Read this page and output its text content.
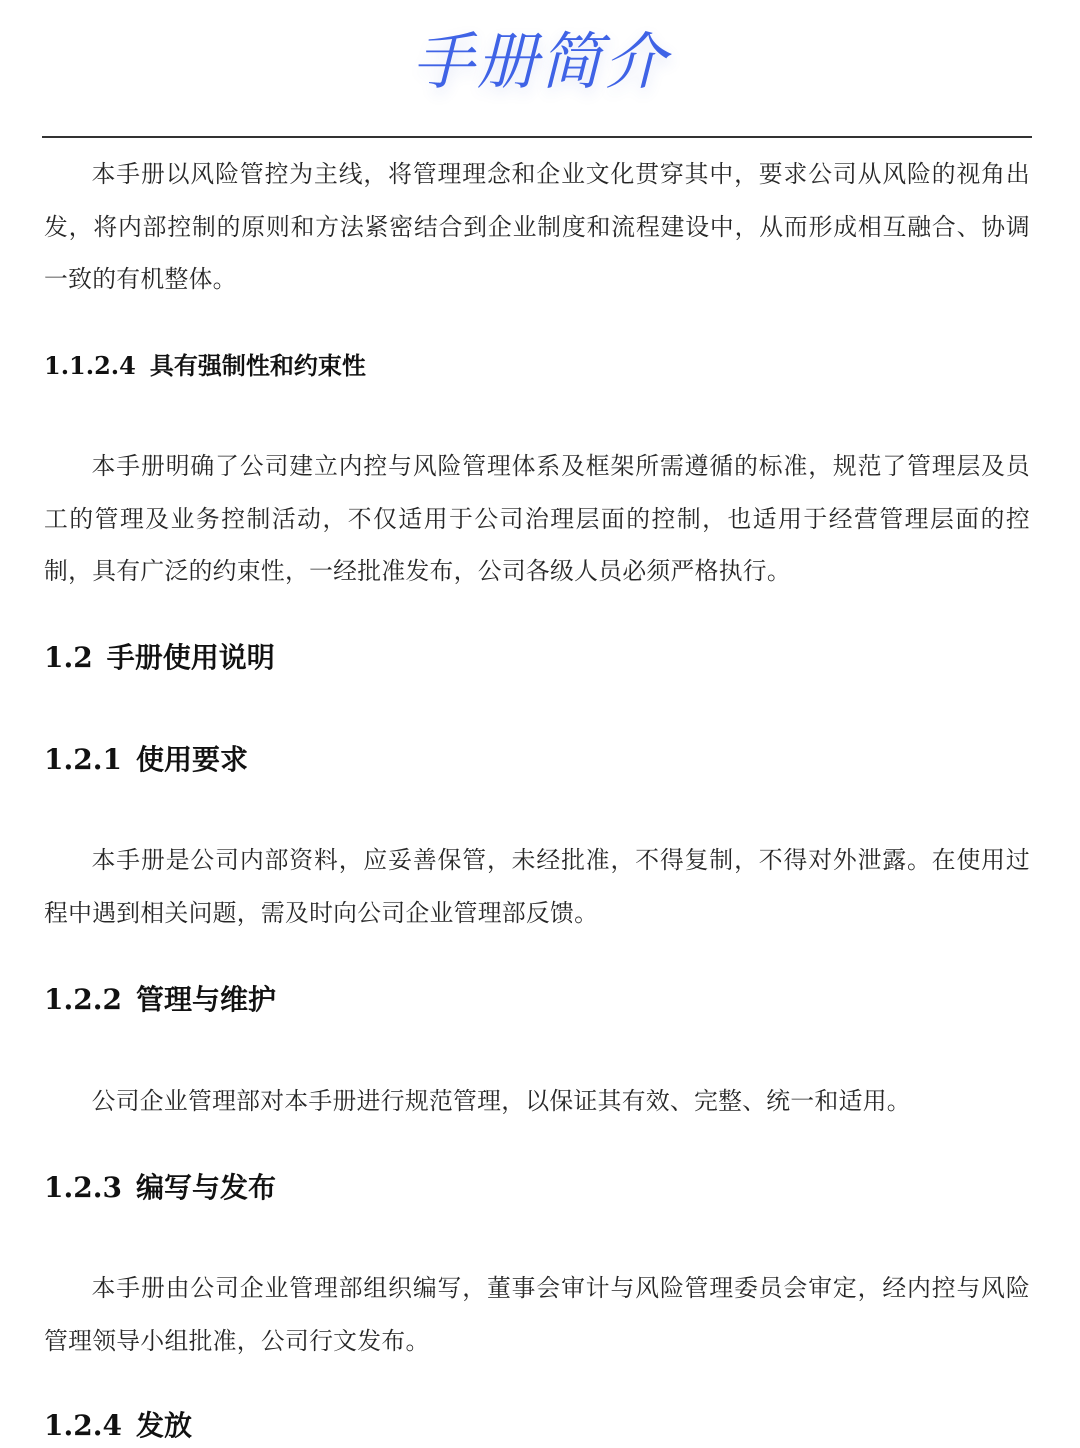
手册简介

本手册以风险管控为主线，将管理理念和企业文化贯穿其中，要求公司从风险的视角出发，将内部控制的原则和方法紧密结合到企业制度和流程建设中，从而形成相互融合、协调一致的有机整体。

1.1.2.4 具有强制性和约束性

本手册明确了公司建立内控与风险管理体系及框架所需遵循的标准，规范了管理层及员工的管理及业务控制活动，不仅适用于公司治理层面的控制，也适用于经营管理层面的控制，具有广泛的约束性，一经批准发布，公司各级人员必须严格执行。

1.2 手册使用说明
1.2.1 使用要求

本手册是公司内部资料，应妥善保管，未经批准，不得复制，不得对外泄露。在使用过程中遇到相关问题，需及时向公司企业管理部反馈。

1.2.2 管理与维护

公司企业管理部对本手册进行规范管理，以保证其有效、完整、统一和适用。

1.2.3 编写与发布

本手册由公司企业管理部组织编写，董事会审计与风险管理委员会审定，经内控与风险管理领导小组批准，公司行文发布。

1.2.4 发放
